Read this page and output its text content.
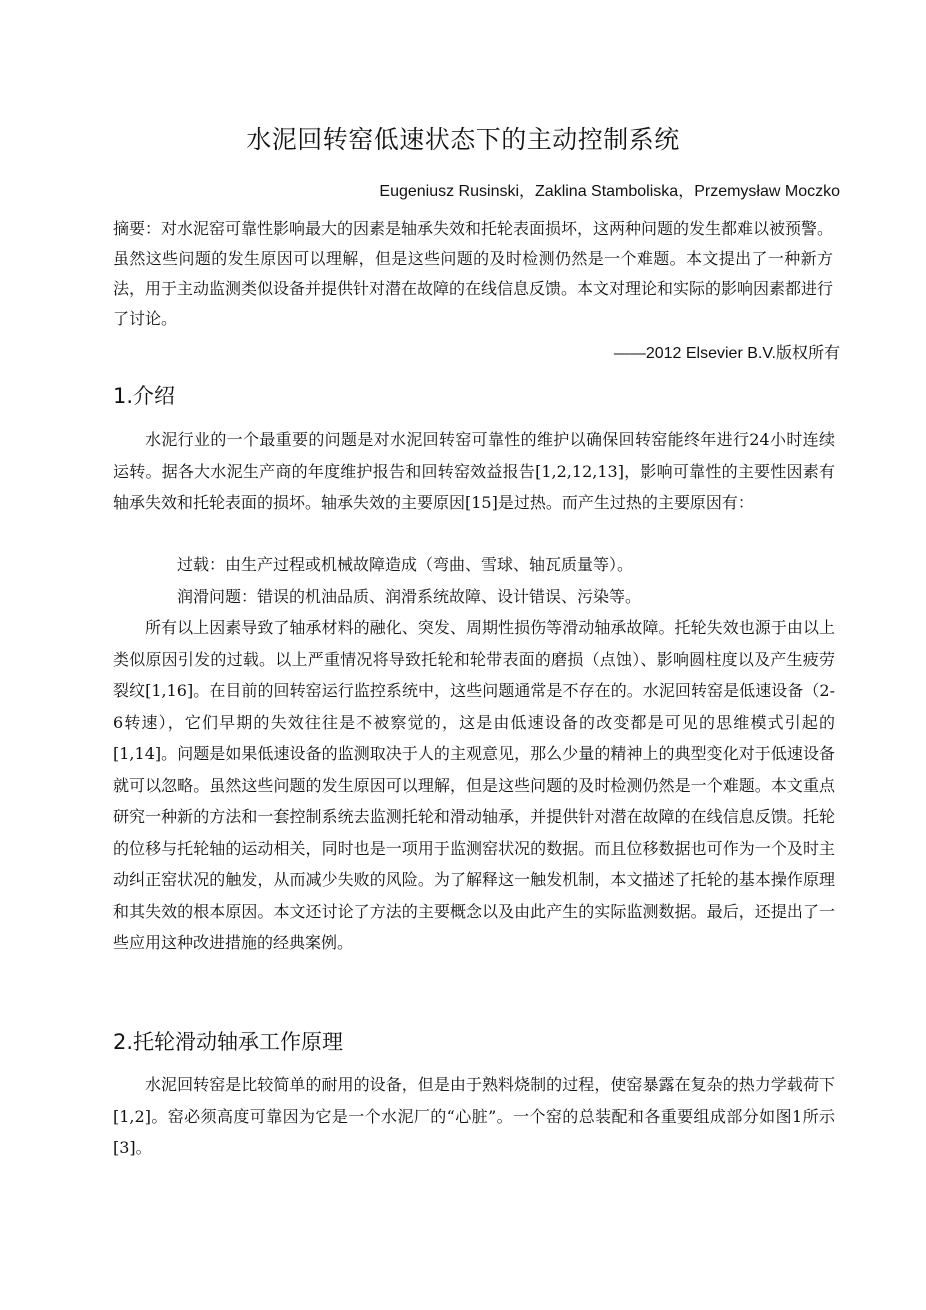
水泥回转窑低速状态下的主动控制系统
Eugeniusz Rusinski，Zaklina Stamboliska，Przemysław Moczko
摘要：对水泥窑可靠性影响最大的因素是轴承失效和托轮表面损坏，这两种问题的发生都难以被预警。虽然这些问题的发生原因可以理解，但是这些问题的及时检测仍然是一个难题。本文提出了一种新方法，用于主动监测类似设备并提供针对潜在故障的在线信息反馈。本文对理论和实际的影响因素都进行了讨论。
——2012 Elsevier B.V.版权所有
1.介绍

水泥行业的一个最重要的问题是对水泥回转窑可靠性的维护以确保回转窑能终年进行24小时连续运转。据各大水泥生产商的年度维护报告和回转窑效益报告[1,2,12,13]，影响可靠性的主要性因素有轴承失效和托轮表面的损坏。轴承失效的主要原因[15]是过热。而产生过热的主要原因有：

过载：由生产过程或机械故障造成（弯曲、雪球、轴瓦质量等）。
润滑问题：错误的机油品质、润滑系统故障、设计错误、污染等。

所有以上因素导致了轴承材料的融化、突发、周期性损伤等滑动轴承故障。托轮失效也源于由以上类似原因引发的过载。以上严重情况将导致托轮和轮带表面的磨损（点蚀）、影响圆柱度以及产生疲劳裂纹[1,16]。在目前的回转窑运行监控系统中，这些问题通常是不存在的。水泥回转窑是低速设备（2-6转速），它们早期的失效往往是不被察觉的，这是由低速设备的改变都是可见的思维模式引起的[1,14]。问题是如果低速设备的监测取决于人的主观意见，那么少量的精神上的典型变化对于低速设备就可以忽略。虽然这些问题的发生原因可以理解，但是这些问题的及时检测仍然是一个难题。本文重点研究一种新的方法和一套控制系统去监测托轮和滑动轴承，并提供针对潜在故障的在线信息反馈。托轮的位移与托轮轴的运动相关，同时也是一项用于监测窑状况的数据。而且位移数据也可作为一个及时主动纠正窑状况的触发，从而减少失败的风险。为了解释这一触发机制，本文描述了托轮的基本操作原理和其失效的根本原因。本文还讨论了方法的主要概念以及由此产生的实际监测数据。最后，还提出了一些应用这种改进措施的经典案例。

2.托轮滑动轴承工作原理

水泥回转窑是比较简单的耐用的设备，但是由于熟料烧制的过程，使窑暴露在复杂的热力学载荷下[1,2]。窑必须高度可靠因为它是一个水泥厂的“心脏”。一个窑的总装配和各重要组成部分如图1所示[3]。
